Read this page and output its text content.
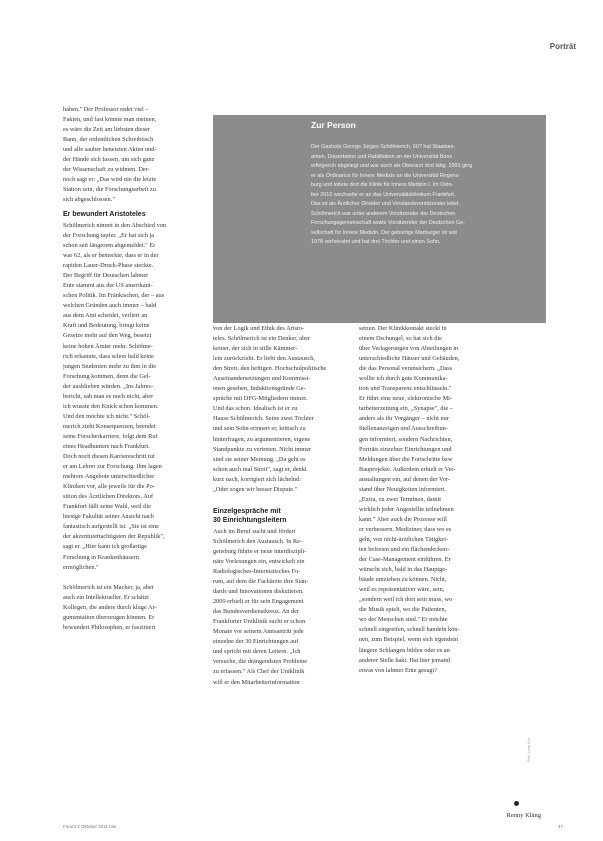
Porträt
Zur Person
Der Gastrolo George Jürges Schölmerich, 60? hat Staatsex-
amen, Dissertation und Habilitation an der Universität Bonn
erfolgreich abgelegt und war auch als Oberarzt dort tätig. 1991 ging
er als Ordinarius für Innere Medizin an die Universität Regens-
burg und leitete dort die Klinik für Innere Medizin I. Im Okto-
ber 2010 wechselte er an das Universitätsklinikum Frankfurt.
Das ist als Ärztlicher Direktor und Vorstandsvorsitzender leitet.
Schölmerich war unter anderem Vorsitzender der Deutschen
Forschungsgemeinschaft sowie Vorsitzender der Deutschen Ge-
sellschaft für Innere Medizin. Der gebürtige Marburger ist seit
1978 verheiratet und hat drei Töchter und einen Sohn.

haben." Der Professor redet viel –
Fakten, und fast könnte man meinen,
es wäre die Zeit am liebsten dieser
Bann, der ordentlichen Schreibtisch
und alle sauber benetzten Akten und-
der Hände sich fassen, um sich ganz
der Wissenschaft zu widmen. Der-
noch sagt er: „Das wird nie die letzte
Station sein, die Forschungsarbeit zu
sich abgeschlossen."

Er bewundert Aristoteles

Schölmerich nimmt in den Abschied von
der Forschung tapfer. „Er hat sich ja
schon seit längerem abgemeldet." Er
war 62, als er bemerkte, dass er in der
rapiden Lauer-Druck-Phase steckte.
Der Begriff für Deutschen lahmer
Ente stammt aus der US amerikani-
schen Politik. Im Fränkischen, der – aus
welchen Gründen auch immer – bald
aus dem Amt scheidet, verliert an
Kraft und Bedeutung, bringt keine
Gesetze mehr auf den Weg, besetzt
keine hohen Ämter mehr. Schölme-
rich erkannte, dass schon bald keine
jungen Studenten mehr zu ihm in die
Forschung kommen, denn die Gel-
der ausblieben würden. „Ins Jahres-
bericht, sah man es noch nicht, aber
ich wusste den Knick schon kommen.
Und den möchte ich nicht." Schöl-
merich zieht Konsequenzen, beendet
seine Forscherkarriere, folgt dem Ruf
eines Headhunters nach Frankfurt.
Doch noch diesen Karriereschritt tut
er am Lehrer zur Forschung. Ihm lagen
mehrere Angebote unterschiedlicher
Kliniken vor, alle jeweils für die Po-
sition des Ärztlichen Direktors. Auf
Frankfurt fällt seine Wahl, weil die
hiesige Fakultät seiner Ansicht nach
fantastisch aufgestellt ist. „Sie ist eine
der akzentuiertachtigsten der Republik",
sagt er. „Hier kann ich großartige
Forschung in Krankenhäusern
ermöglichen."

Schölmerich ist ein Macher, ja, aber
auch ein Intellektueller. Er schätzt
Kollegen, die andere durch kluge Ar-
gumentation überzeugen können. Er
bewundert Philosophen, er fasziniert

von der Logik und Ethik des Aristo-
teles. Schölmerich ist ein Denker, aber
keiner, der sich in stille Kämmer-
lein zurückzieht. Er liebt den Austausch,
den Streit, den heftigen. Hochschulpolitische
Auseinandersetzungen und Kommissi-
onen gesehen, Induktionsgründe Ge-
spräche mit DFG-Mitgliedern immer.
Und das schon. Idealisch ist er zu
Hause Schölmerich. Seine zwei Töchter
und sein Sohn erinnert er, kritisch zu
hinterfragen, zu argumentieren, eigene
Standpunkte zu vertreten. Nicht immer
sind sie seiner Meinung. „Da geht es
schon auch mal Streit", sagt er, denkt
kurz nach, korrigiert sich lächelnd:
„Oder sogen wir besser Dispute."

Einzelgespräche mit
30 Einrichtungsleitern

Auch im Beruf sucht und fördert
Schölmerich den Austausch. In Re-
gensburg führte er neue interdiszipli-
näre Vorlesungen ein, entwickelt ein
Radiologisches-Internistisches Fo-
rum, auf dem die Fachärzte ihre Stan-
dards und Innovationen diskutieren.
2009 erhielt er für sein Engagement
das Bundesverdienstkreuz. An der
Frankfurter Uniklinik sucht er schon
Monate vor seinem Amtsantritt jede
einzelne der 30 Einrichtungen auf
und spricht mit deren Leitern. „Ich
versuche, die drängendsten Probleme
zu erfassen." Als Chef der Uniklinik
will er den Mitarbeiterinformation

setzen. Der Klinikkontakt steckt in
einem Dschungel, so hat sich die
über Verlagerungen von Abteilungen in
unterschiedliche Häuser und Gebäuden,
die das Personal verunsichern. „Dass
wollte ich durch gute Kommunika-
tion und Transparenz entschlüsseln."
Er führt eine neue, elektronische Mi-
tarbeiterzeitung ein, „Synapse", die –
anders als ihr Vorgänger – nicht nur
Stellenanzeigen und Ausschreibun-
gen informiert, sondern Nachrichten,
Porträts einzelner Einrichtungen und
Meldungen über die Fortschritte bzw
Bauprojekte. Außerdem erhielt er Ver-
anstaltungen ein, auf denen der Vor-
stand über Neuigkeiten informiert.
„Extra, zu zwei Terminen, damit
wirklich jeder Angestellte teilnehmen
kann." Aber auch die Prozesse will
er verbessern. Mediziner, dass wo es
geht, von nicht-ärztlichen Tätigkei-
ten befreien und ein flächendecken-
der Case-Management einführen. Er
wünscht sich, bald in das Hauptge-
bäude umziehen zu können. Nicht,
weil es repräsentativer wäre, sein,
„sondern weil ich dort sein muss, wo
die Musik spielt, wo die Patienten,
wo der Menschen sind." Er möchte
schnell eingreifen, schnell handeln kön-
nen, zum Beispiel, wenn sich irgendein
längere Schlangen bilden oder es an
anderer Stelle hakt. Hat hier jemand
etwas von lahmer Ente gesagt?

Renny Kläng
Foto: Lena Sch.
Forum 2 Oktober 2011 hier	47
